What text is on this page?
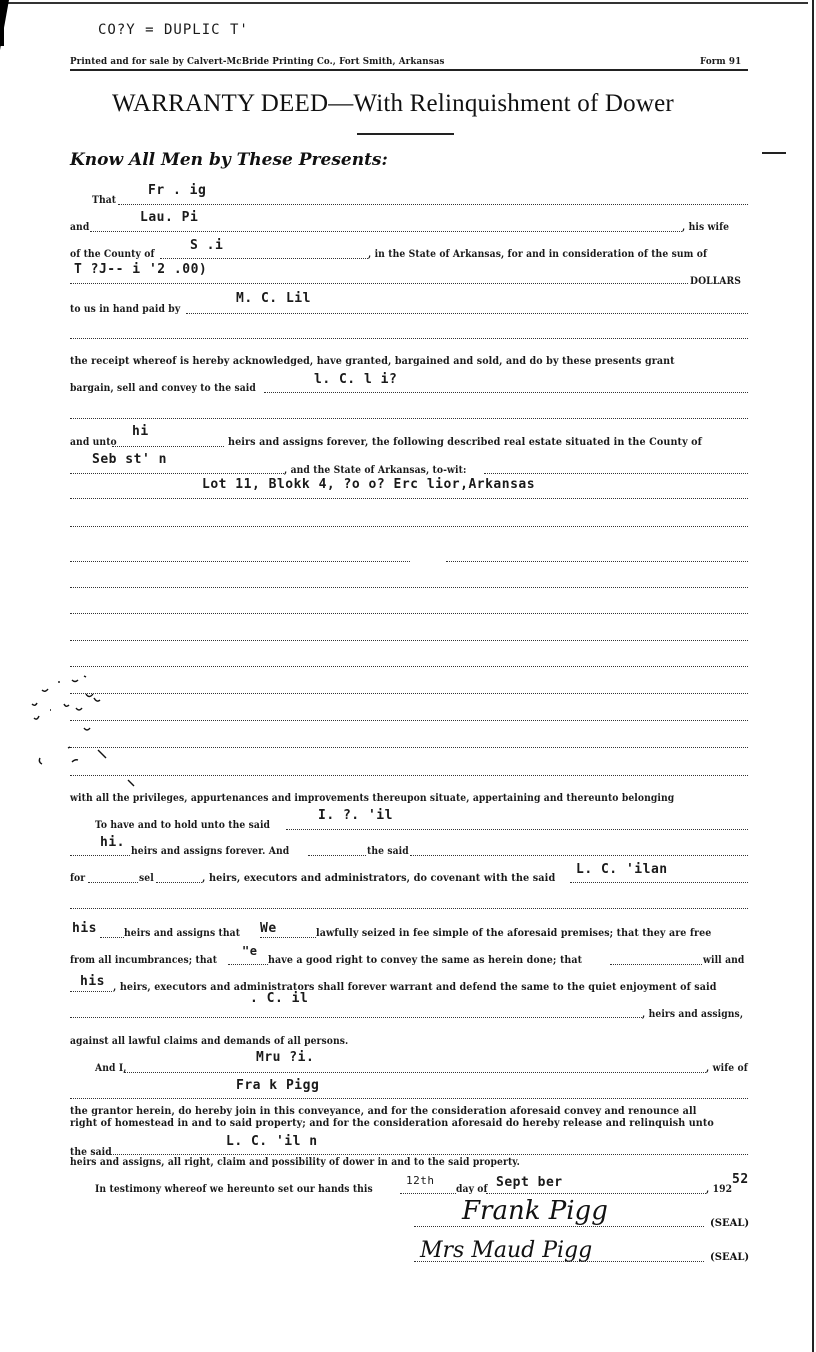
CO?Y = DUPLIC T'
Printed and for sale by Calvert-McBride Printing Co., Fort Smith, Arkansas	Form 91
WARRANTY DEED—With Relinquishment of Dower
Know All Men by These Presents:
That
Fr . ig
and
Lau. Pi
, his wife
of the County of
S .i
, in the State of Arkansas, for and in consideration of the sum of
T ?J-- i '2 .00)
DOLLARS
to us in hand paid by
M. C. Lil
the receipt whereof is hereby acknowledged, have granted, bargained and sold, and do by these presents grant
bargain, sell and convey to the said
l. C. l i?
and unto
hi
heirs and assigns forever, the following described real estate situated in the County of
Seb st' n
, and the State of Arkansas, to-wit:
Lot 11, Blokk 4, ?o o? Erc lior,Arkansas
with all the privileges, appurtenances and improvements thereupon situate, appertaining and thereunto belonging
To have and to hold unto the said
I. ?. 'il
hi.
heirs and assigns forever. And	the said
for	sel	, heirs, executors and administrators, do covenant with the said
L. C. 'ilan
his	heirs and assigns that We	lawfully seized in fee simple of the aforesaid premises; that they are free
from all incumbrances; that
"e
have a good right to convey the same as herein done; that	will and
his , heirs, executors and administrators shall forever warrant and defend the same to the quiet enjoyment of said
. C. il
, heirs and assigns,
against all lawful claims and demands of all persons.
And I,
Mru ?i.
, wife of
Fra k Pigg
the grantor herein, do hereby join in this conveyance, and for the consideration aforesaid convey and renounce all
right of homestead in and to said property; and for the consideration aforesaid do hereby release and relinquish unto
the said
L. C. 'il n
heirs and assigns, all right, claim and possibility of dower in and to the said property.
In testimony whereof we hereunto set our hands this
12th
day of Sept ber	, 192
52
Frank Pigg	(SEAL)
Mrs Maud Pigg	(SEAL)
